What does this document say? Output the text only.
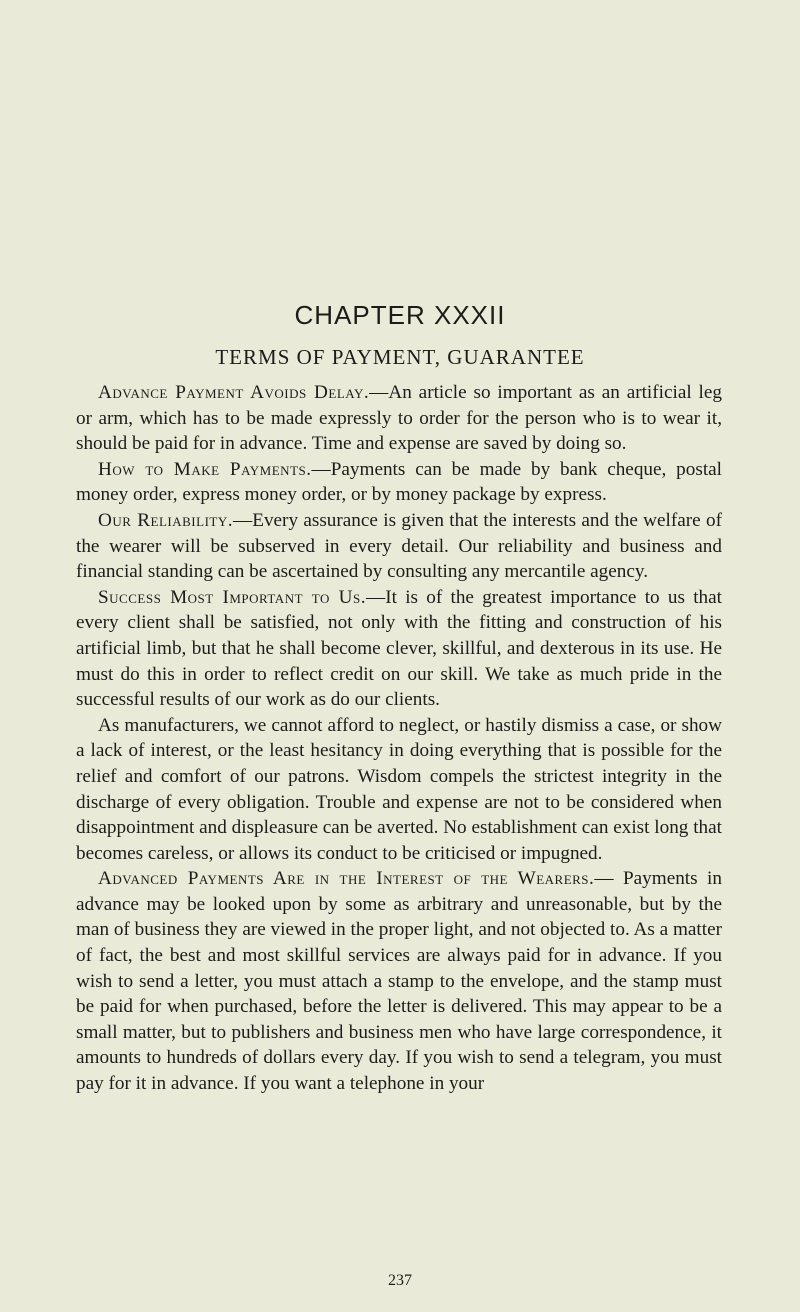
CHAPTER XXXII
TERMS OF PAYMENT, GUARANTEE

Advance Payment Avoids Delay.—An article so important as an artificial leg or arm, which has to be made expressly to order for the person who is to wear it, should be paid for in advance. Time and expense are saved by doing so.

How to Make Payments.—Payments can be made by bank cheque, postal money order, express money order, or by money package by express.

Our Reliability.—Every assurance is given that the interests and the welfare of the wearer will be subserved in every detail. Our reliability and business and financial standing can be ascertained by consulting any mercantile agency.

Success Most Important to Us.—It is of the greatest importance to us that every client shall be satisfied, not only with the fitting and construction of his artificial limb, but that he shall become clever, skillful, and dexterous in its use. He must do this in order to reflect credit on our skill. We take as much pride in the successful results of our work as do our clients.

As manufacturers, we cannot afford to neglect, or hastily dismiss a case, or show a lack of interest, or the least hesitancy in doing everything that is possible for the relief and comfort of our patrons. Wisdom compels the strictest integrity in the discharge of every obligation. Trouble and expense are not to be considered when disappointment and displeasure can be averted. No establishment can exist long that becomes careless, or allows its conduct to be criticised or impugned.

Advanced Payments Are in the Interest of the Wearers.— Payments in advance may be looked upon by some as arbitrary and unreasonable, but by the man of business they are viewed in the proper light, and not objected to. As a matter of fact, the best and most skillful services are always paid for in advance. If you wish to send a letter, you must attach a stamp to the envelope, and the stamp must be paid for when purchased, before the letter is delivered. This may appear to be a small matter, but to publishers and business men who have large correspondence, it amounts to hundreds of dollars every day. If you wish to send a telegram, you must pay for it in advance. If you want a telephone in your

237
